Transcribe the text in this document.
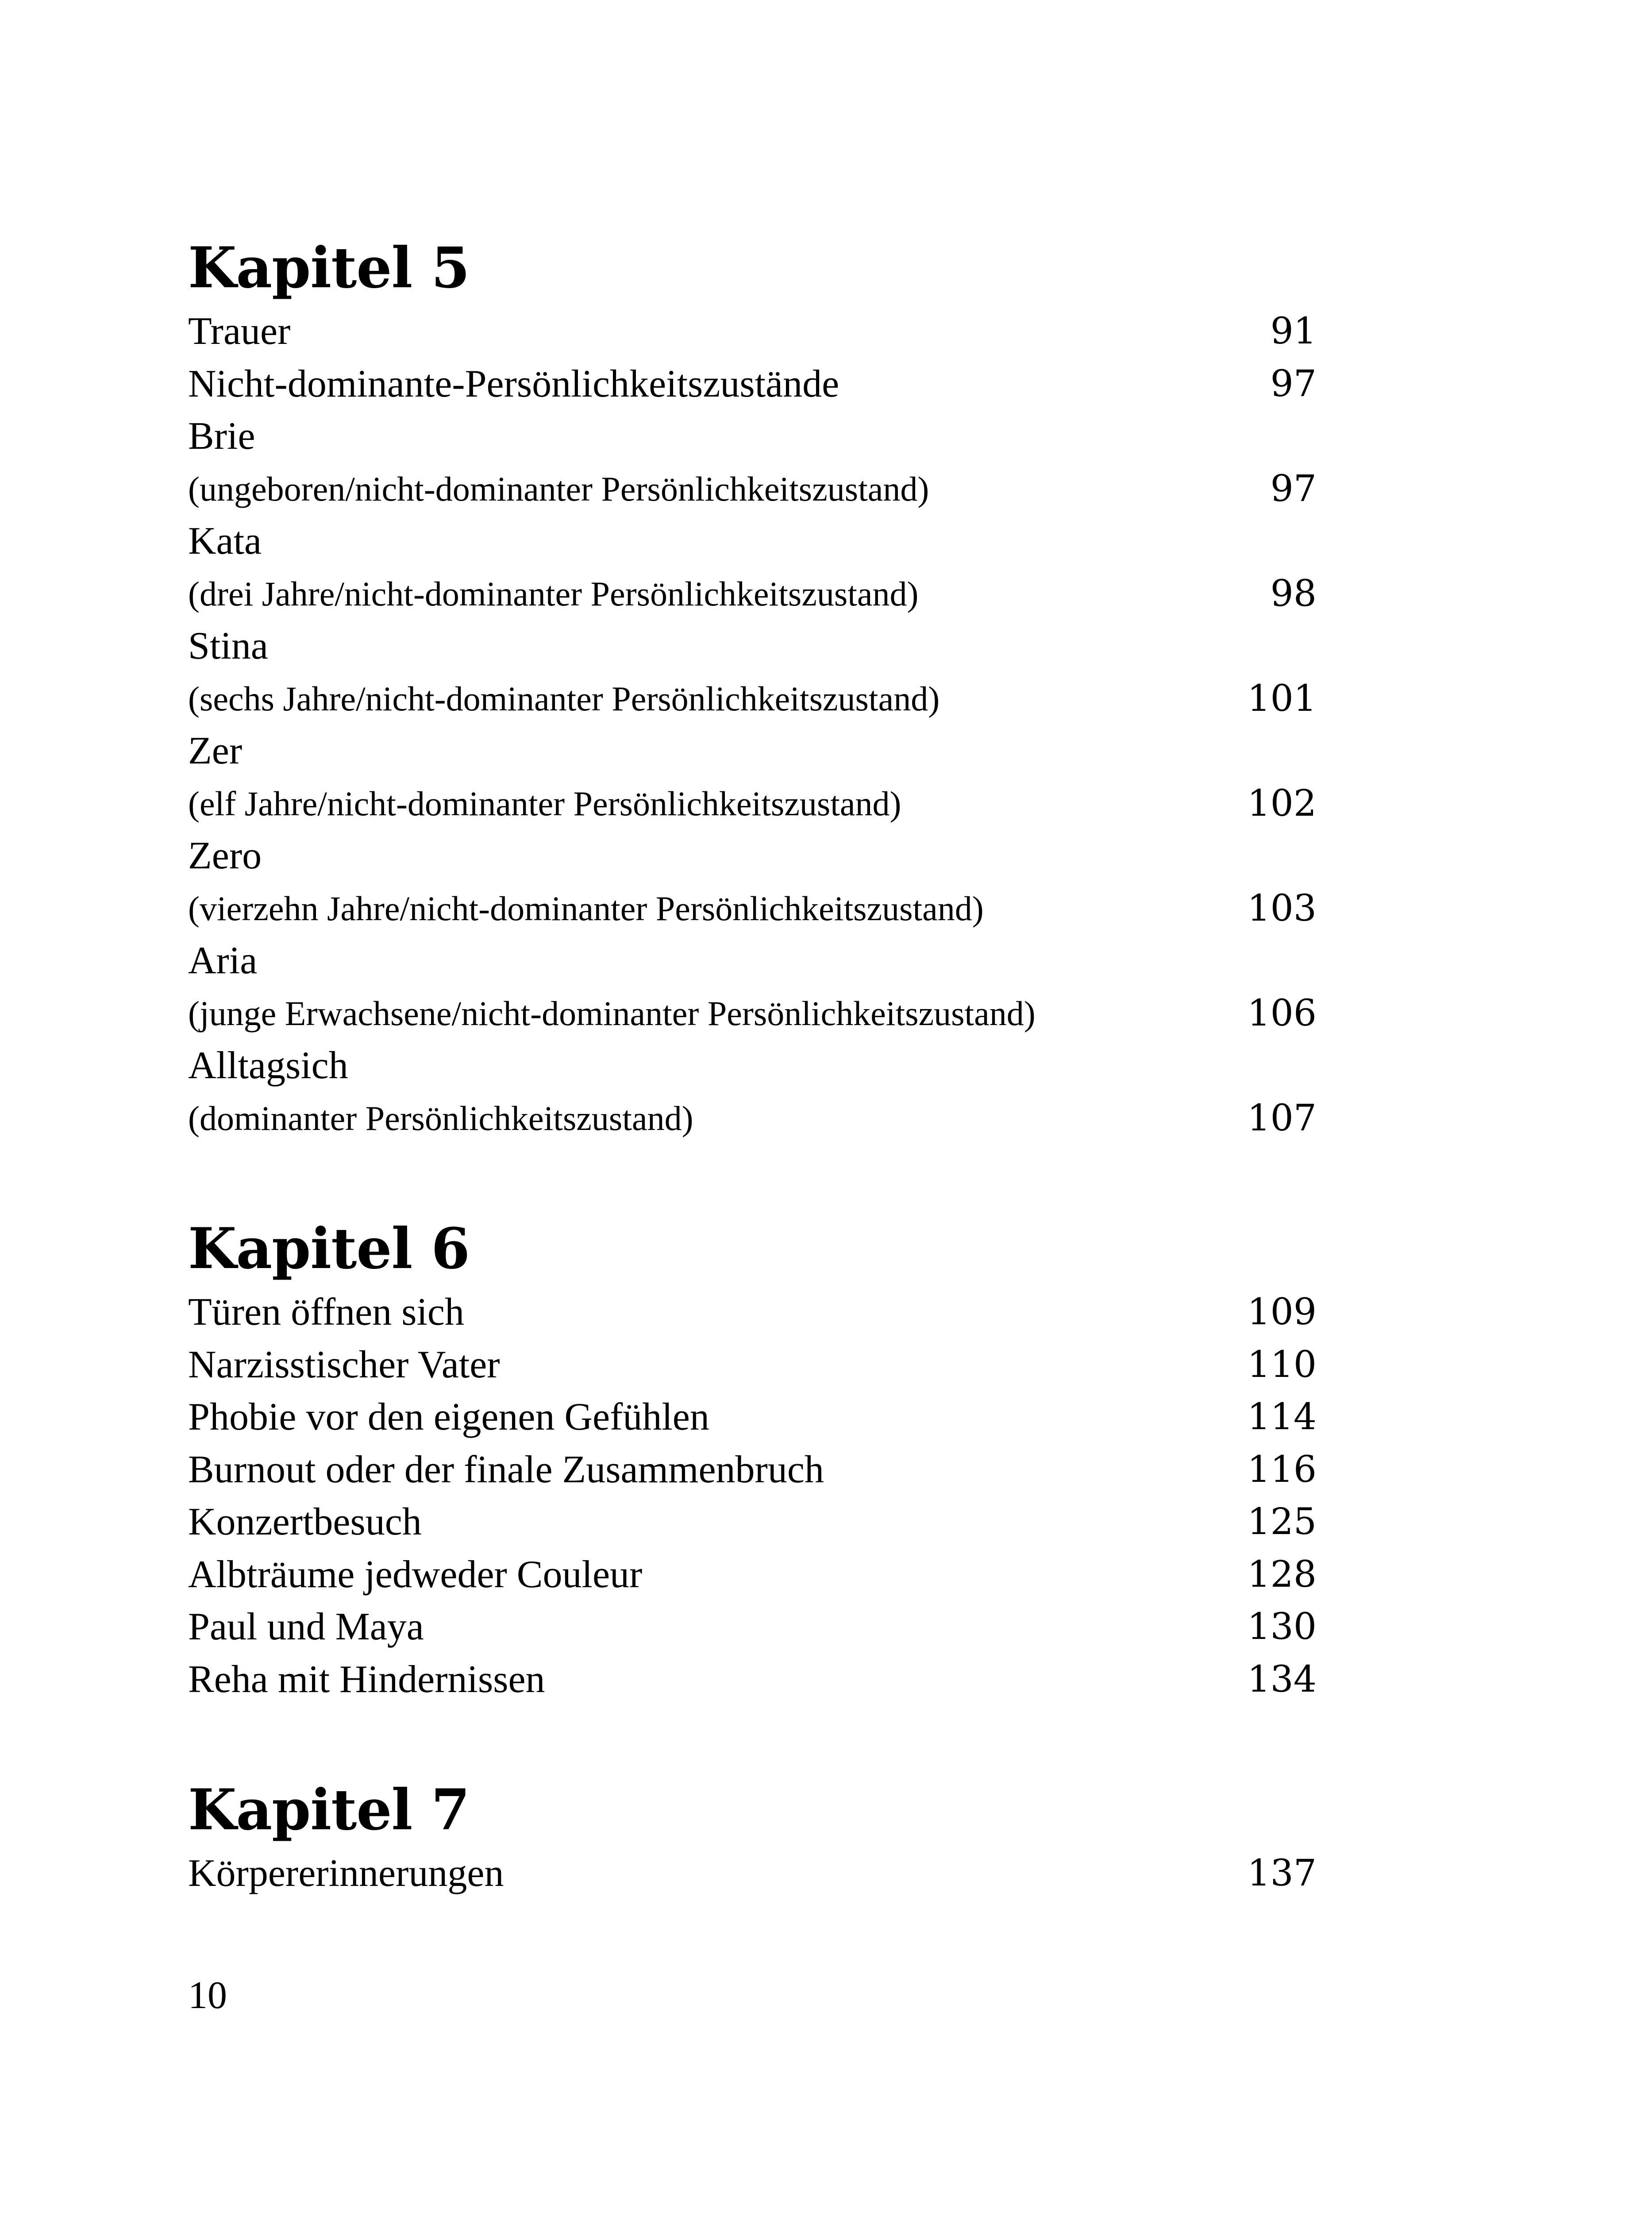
Kapitel 5
Trauer	91
Nicht-dominante-Persönlichkeitszustände	97
Brie
(ungeboren/nicht-dominanter Persönlichkeitszustand)	97
Kata
(drei Jahre/nicht-dominanter Persönlichkeitszustand)	98
Stina
(sechs Jahre/nicht-dominanter Persönlichkeitszustand)	101
Zer
(elf Jahre/nicht-dominanter Persönlichkeitszustand)	102
Zero
(vierzehn Jahre/nicht-dominanter Persönlichkeitszustand)	103
Aria
(junge Erwachsene/nicht-dominanter Persönlichkeitszustand)	106
Alltagsich
(dominanter Persönlichkeitszustand)	107
Kapitel 6
Türen öffnen sich	109
Narzisstischer Vater	110
Phobie vor den eigenen Gefühlen	114
Burnout oder der finale Zusammenbruch	116
Konzertbesuch	125
Albträume jedweder Couleur	128
Paul und Maya	130
Reha mit Hindernissen	134
Kapitel 7
Körpererinnerungen	137
10
